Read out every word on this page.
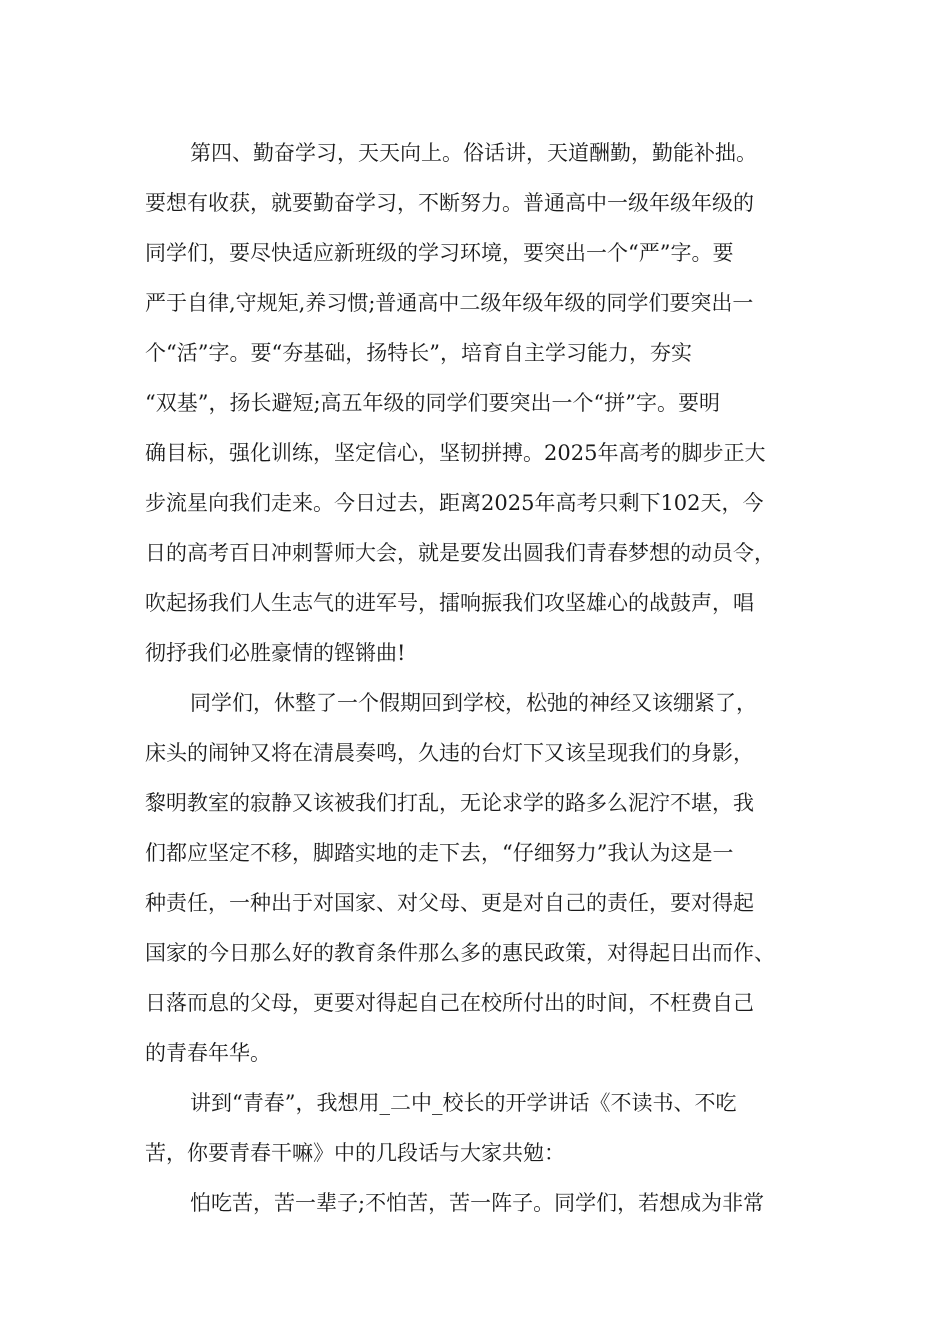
第四、勤奋学习，天天向上。俗话讲，天道酬勤，勤能补拙。
要想有收获，就要勤奋学习，不断努力。普通高中一级年级年级的
同学们，要尽快适应新班级的学习环境，要突出一个“严”字。要
严于自律,守规矩,养习惯;普通高中二级年级年级的同学们要突出一
个“活”字。要“夯基础，扬特长”，培育自主学习能力，夯实
“双基”，扬长避短;高五年级的同学们要突出一个“拼”字。要明
确目标，强化训练，坚定信心，坚韧拼搏。2025年高考的脚步正大
步流星向我们走来。今日过去，距离2025年高考只剩下102天，今
日的高考百日冲刺誓师大会，就是要发出圆我们青春梦想的动员令，
吹起扬我们人生志气的进军号，擂响振我们攻坚雄心的战鼓声，唱
彻抒我们必胜豪情的铿锵曲!
同学们，休整了一个假期回到学校，松弛的神经又该绷紧了，
床头的闹钟又将在清晨奏鸣，久违的台灯下又该呈现我们的身影，
黎明教室的寂静又该被我们打乱，无论求学的路多么泥泞不堪，我
们都应坚定不移，脚踏实地的走下去，“仔细努力”我认为这是一
种责任，一种出于对国家、对父母、更是对自己的责任，要对得起
国家的今日那么好的教育条件那么多的惠民政策，对得起日出而作、
日落而息的父母，更要对得起自己在校所付出的时间，不枉费自己
的青春年华。
讲到“青春”，我想用_二中_校长的开学讲话《不读书、不吃
苦，你要青春干嘛》中的几段话与大家共勉：
怕吃苦，苦一辈子;不怕苦，苦一阵子。同学们，若想成为非常
